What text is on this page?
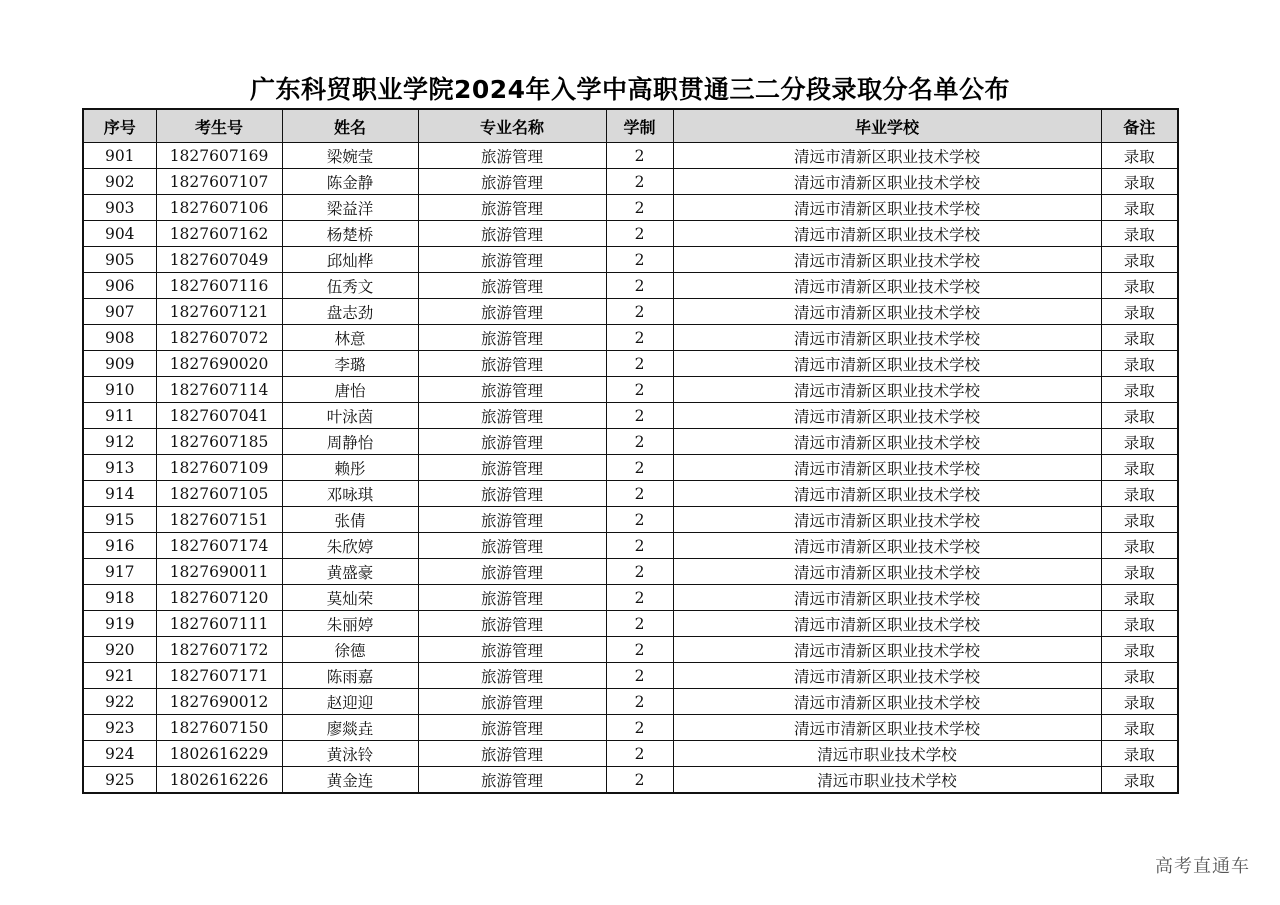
广东科贸职业学院2024年入学中高职贯通三二分段录取分名单公布
序号	考生号	姓名	专业名称	学制	毕业学校	备注
901	1827607169	梁婉莹	旅游管理	2	清远市清新区职业技术学校	录取
902	1827607107	陈金静	旅游管理	2	清远市清新区职业技术学校	录取
903	1827607106	梁益洋	旅游管理	2	清远市清新区职业技术学校	录取
904	1827607162	杨楚桥	旅游管理	2	清远市清新区职业技术学校	录取
905	1827607049	邱灿桦	旅游管理	2	清远市清新区职业技术学校	录取
906	1827607116	伍秀文	旅游管理	2	清远市清新区职业技术学校	录取
907	1827607121	盘志劲	旅游管理	2	清远市清新区职业技术学校	录取
908	1827607072	林意	旅游管理	2	清远市清新区职业技术学校	录取
909	1827690020	李璐	旅游管理	2	清远市清新区职业技术学校	录取
910	1827607114	唐怡	旅游管理	2	清远市清新区职业技术学校	录取
911	1827607041	叶泳茵	旅游管理	2	清远市清新区职业技术学校	录取
912	1827607185	周静怡	旅游管理	2	清远市清新区职业技术学校	录取
913	1827607109	赖彤	旅游管理	2	清远市清新区职业技术学校	录取
914	1827607105	邓咏琪	旅游管理	2	清远市清新区职业技术学校	录取
915	1827607151	张倩	旅游管理	2	清远市清新区职业技术学校	录取
916	1827607174	朱欣婷	旅游管理	2	清远市清新区职业技术学校	录取
917	1827690011	黄盛豪	旅游管理	2	清远市清新区职业技术学校	录取
918	1827607120	莫灿荣	旅游管理	2	清远市清新区职业技术学校	录取
919	1827607111	朱丽婷	旅游管理	2	清远市清新区职业技术学校	录取
920	1827607172	徐德	旅游管理	2	清远市清新区职业技术学校	录取
921	1827607171	陈雨嘉	旅游管理	2	清远市清新区职业技术学校	录取
922	1827690012	赵迎迎	旅游管理	2	清远市清新区职业技术学校	录取
923	1827607150	廖燚垚	旅游管理	2	清远市清新区职业技术学校	录取
924	1802616229	黄泳铃	旅游管理	2	清远市职业技术学校	录取
925	1802616226	黄金连	旅游管理	2	清远市职业技术学校	录取
高考直通车
